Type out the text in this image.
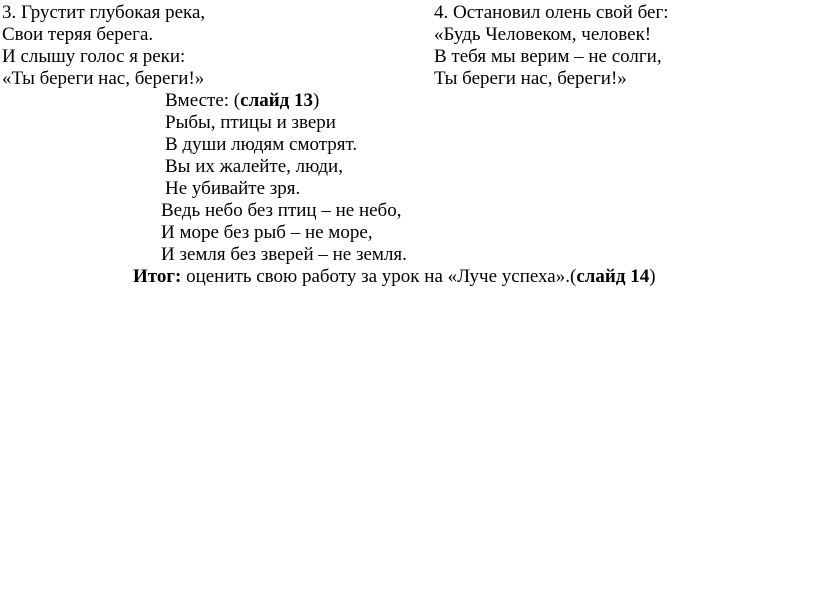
3. Грустит глубокая река,

Свои теряя берега.

И слышу голос я реки:

«Ты береги нас, береги!»

4. Остановил олень свой бег:

«Будь Человеком, человек!

В тебя мы верим – не солги,

Ты береги нас, береги!»

Вместе: (слайд 13)

Рыбы, птицы и звери

В души людям смотрят.

Вы их жалейте, люди,

Не убивайте зря.

Ведь небо без птиц – не небо,

И море без рыб – не море,

И земля без зверей – не земля.

Итог: оценить свою работу за урок на «Луче успеха».(слайд 14)
